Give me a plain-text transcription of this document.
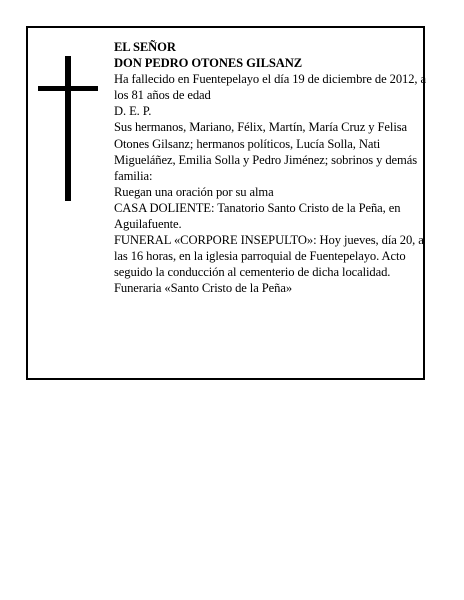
EL SEÑOR

DON PEDRO OTONES GILSANZ

Ha fallecido en Fuentepelayo el día 19 de diciembre de 2012, a los 81 años de edad

D. E. P.

Sus hermanos, Mariano, Félix, Martín, María Cruz y Felisa Otones Gilsanz; hermanos políticos, Lucía Solla, Nati Migueláñez, Emilia Solla y Pedro Jiménez; sobrinos y demás familia:

Ruegan una oración por su alma

CASA DOLIENTE: Tanatorio Santo Cristo de la Peña, en Aguilafuente.

FUNERAL «CORPORE INSEPULTO»: Hoy jueves, día 20, a las 16 horas, en la iglesia parroquial de Fuentepelayo. Acto seguido la conducción al cementerio de dicha localidad.

Funeraria «Santo Cristo de la Peña»
